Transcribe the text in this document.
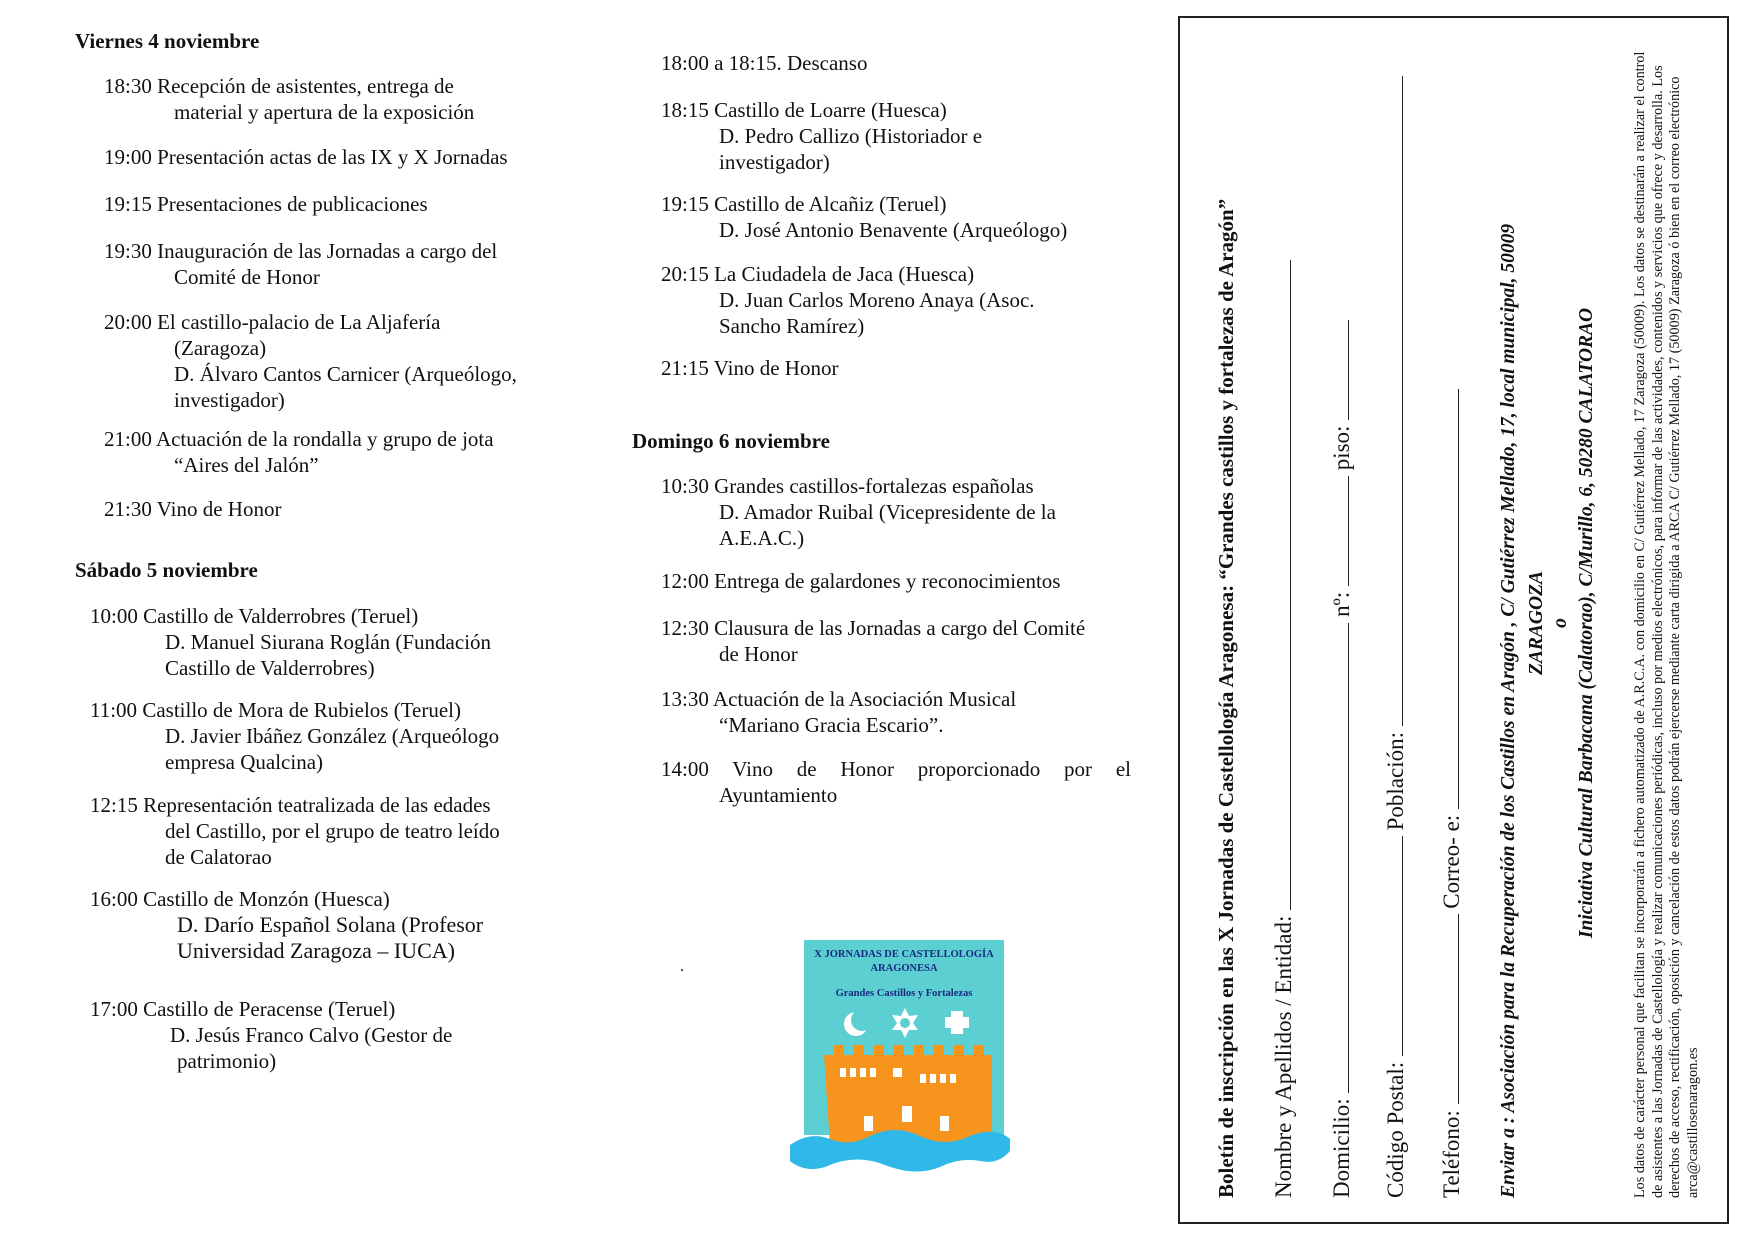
Viernes 4 noviembre
18:30 Recepción de asistentes, entrega de
material y apertura de la exposición
19:00 Presentación actas de las IX y X Jornadas
19:15 Presentaciones de publicaciones
19:30 Inauguración de las Jornadas a cargo del
Comité de Honor
20:00 El castillo-palacio de La Aljafería
(Zaragoza)
D. Álvaro Cantos Carnicer (Arqueólogo,
investigador)
21:00 Actuación de la rondalla y grupo de jota
“Aires del Jalón”
21:30 Vino de Honor
Sábado 5 noviembre
10:00 Castillo de Valderrobres (Teruel)
D. Manuel Siurana Roglán (Fundación
Castillo de Valderrobres)
11:00 Castillo de Mora de Rubielos (Teruel)
D. Javier Ibáñez González (Arqueólogo
empresa Qualcina)
12:15 Representación teatralizada de las edades
del Castillo, por el grupo de teatro leído
de Calatorao
16:00 Castillo de Monzón (Huesca)
D. Darío Español Solana (Profesor
Universidad Zaragoza – IUCA)
17:00 Castillo de Peracense (Teruel)
D. Jesús Franco Calvo (Gestor de
patrimonio)
18:00 a 18:15. Descanso
18:15 Castillo de Loarre (Huesca)
D. Pedro Callizo (Historiador e
investigador)
19:15 Castillo de Alcañiz (Teruel)
D. José Antonio Benavente (Arqueólogo)
20:15 La Ciudadela de Jaca (Huesca)
D. Juan Carlos Moreno Anaya (Asoc.
Sancho Ramírez)
21:15 Vino de Honor
Domingo 6 noviembre
10:30 Grandes castillos-fortalezas españolas
D. Amador Ruibal (Vicepresidente de la
A.E.A.C.)
12:00 Entrega de galardones y reconocimientos
12:30 Clausura de las Jornadas a cargo del Comité
de Honor
13:30 Actuación de la Asociación Musical
“Mariano Gracia Escario”.
14:00 Vino de Honor proporcionado por el
Ayuntamiento
.
X JORNADAS DE CASTELLOLOGÍA
ARAGONESA
Grandes Castillos y Fortalezas	Boletín de inscripción en las X Jornadas de Castellología Aragonesa: “Grandes castillos y fortalezas de Aragón” Nombre y Apellidos / Entidad: Domicilio:  nº:  piso:
Código Postal:  Población:
Teléfono:  Correo- e: Enviar a : Asociación para la Recuperación de los Castillos en Aragón , C/ Gutiérrez Mellado, 17, local municipal, 50009 ZARAGOZA o Iniciativa Cultural Barbacana (Calatorao), C/Murillo, 6, 50280 CALATORAO Los datos de carácter personal que facilitan se incorporarán a fichero automatizado de A.R.C.A. con domicilio en C/ Gutiérrez Mellado, 17 Zaragoza (50009). Los datos se destinarán a realizar el control de asistentes a las Jornadas de Castellología y realizar comunicaciones periódicas, incluso por medios electrónicos, para informar de las actividades, contenidos y servicios que ofrece y desarrolla. Los derechos de acceso, rectificación, oposición y cancelación de estos datos podrán ejercerse mediante carta dirigida a ARCA C/ Gutiérrez Mellado, 17 (50009) Zaragoza ó bien en el correo electrónico arca@castillosenaragon.es
